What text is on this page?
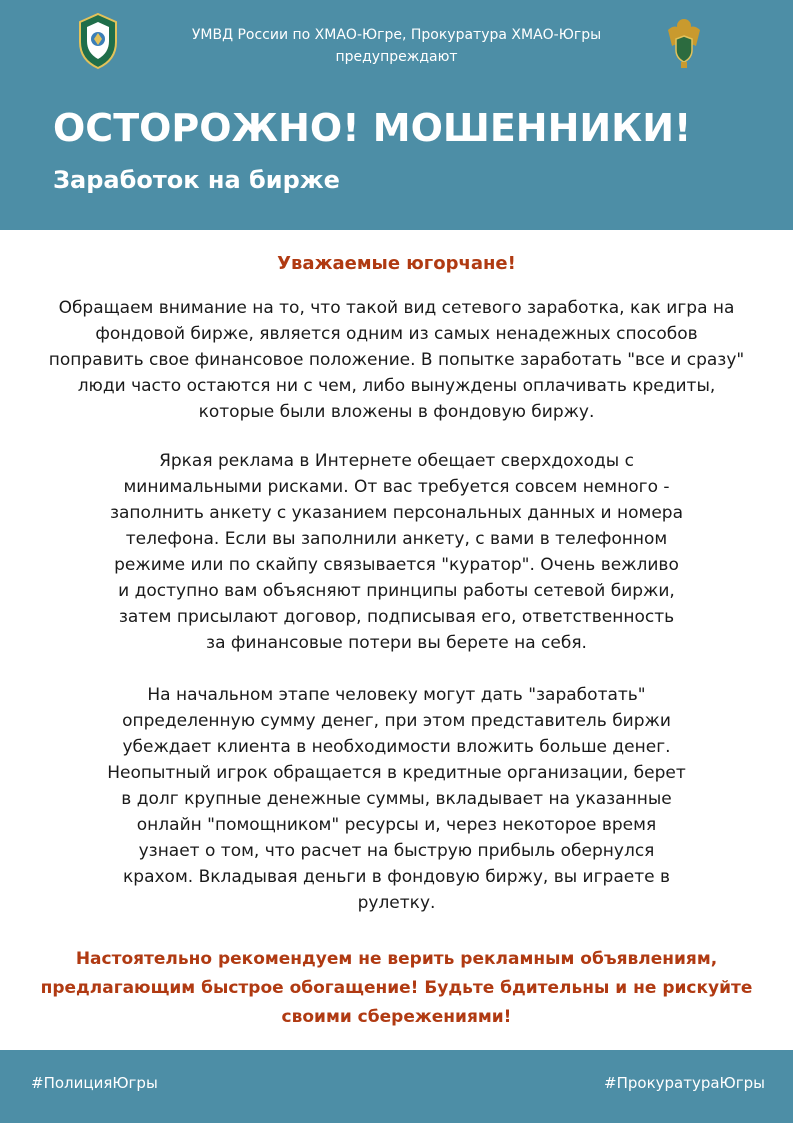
УМВД России по ХМАО-Югре, Прокуратура ХМАО-Югры
предупреждают
ОСТОРОЖНО! МОШЕННИКИ!
Заработок на бирже

Уважаемые югорчане!

Обращаем внимание на то, что такой вид сетевого заработка, как игра на
фондовой бирже, является одним из самых ненадежных способов
поправить свое финансовое положение. В попытке заработать "все и сразу"
люди часто остаются ни с чем, либо вынуждены оплачивать кредиты,
которые были вложены в фондовую биржу.

Яркая реклама в Интернете обещает сверхдоходы с
минимальными рисками. От вас требуется совсем немного -
заполнить анкету с указанием персональных данных и номера
телефона. Если вы заполнили анкету, с вами в телефонном
режиме или по скайпу связывается "куратор". Очень вежливо
и доступно вам объясняют принципы работы сетевой биржи,
затем присылают договор, подписывая его, ответственность
за финансовые потери вы берете на себя.

На начальном этапе человеку могут дать "заработать"
определенную сумму денег, при этом представитель биржи
убеждает клиента в необходимости вложить больше денег.
Неопытный игрок обращается в кредитные организации, берет
в долг крупные денежные суммы, вкладывает на указанные
онлайн "помощником" ресурсы и, через некоторое время
узнает о том, что расчет на быструю прибыль обернулся
крахом. Вкладывая деньги в фондовую биржу, вы играете в
рулетку.

Настоятельно рекомендуем не верить рекламным объявлениям,
предлагающим быстрое обогащение! Будьте бдительны и не рискуйте
своими сбережениями!

#ПолицияЮгры	#ПрокуратураЮгры
